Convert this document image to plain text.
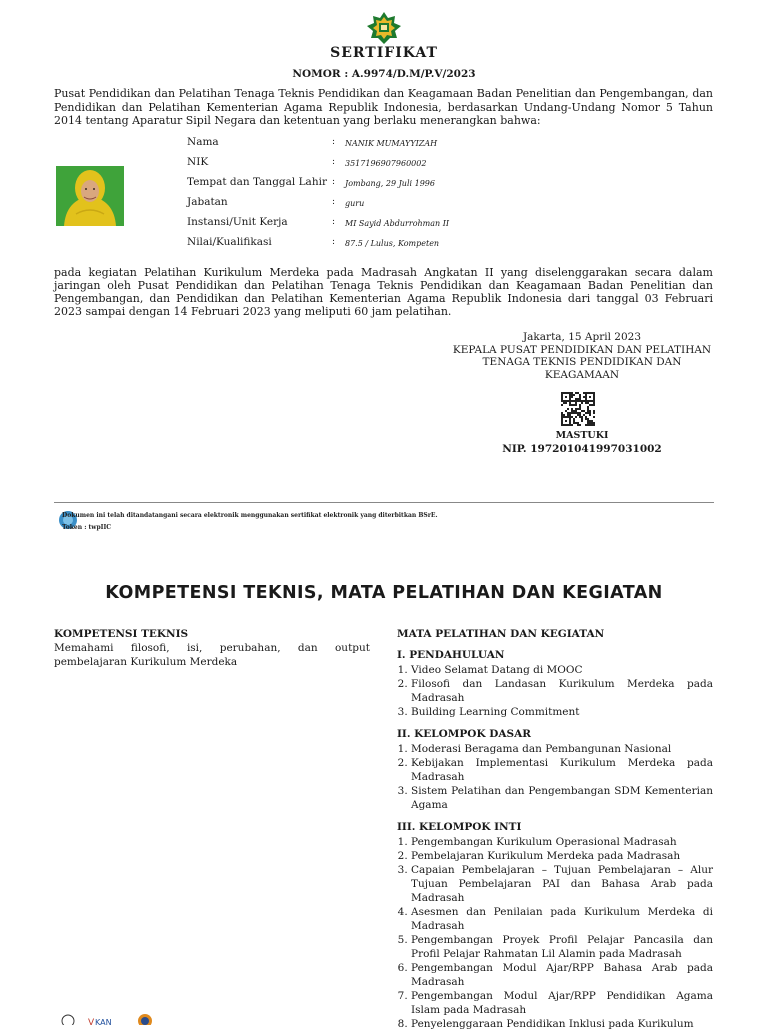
SERTIFIKAT
NOMOR : A.9974/D.M/P.V/2023
Pusat Pendidikan dan Pelatihan Tenaga Teknis Pendidikan dan Keagamaan Badan Penelitian dan Pengembangan, dan Pendidikan dan Pelatihan Kementerian Agama Republik Indonesia, berdasarkan Undang-Undang Nomor 5 Tahun 2014 tentang Aparatur Sipil Negara dan ketentuan yang berlaku menerangkan bahwa:
Nama	: NANIK MUMAYYIZAH
NIK	: 3517196907960002
Tempat dan Tanggal Lahir : Jombang, 29 Juli 1996
Jabatan	: guru
Instansi/Unit Kerja	: MI Sayid Abdurrohman II
Nilai/Kualifikasi	: 87.5 / Lulus, Kompeten
pada kegiatan Pelatihan Kurikulum Merdeka pada Madrasah Angkatan II yang diselenggarakan secara dalam jaringan oleh Pusat Pendidikan dan Pelatihan Tenaga Teknis Pendidikan dan Keagamaan Badan Penelitian dan Pengembangan, dan Pendidikan dan Pelatihan Kementerian Agama Republik Indonesia dari tanggal 03 Februari 2023 sampai dengan 14 Februari 2023 yang meliputi 60 jam pelatihan.
Jakarta, 15 April 2023
KEPALA PUSAT PENDIDIKAN DAN PELATIHAN
TENAGA TEKNIS PENDIDIKAN DAN
KEAGAMAAN
MASTUKI
NIP. 197201041997031002
Dokumen ini telah ditandatangani secara elektronik menggunakan sertifikat elektronik yang diterbitkan BSrE.
Token : twpIIC
KOMPETENSI TEKNIS, MATA PELATIHAN DAN KEGIATAN
KOMPETENSI TEKNIS
Memahami filosofi, isi, perubahan, dan output pembelajaran Kurikulum Merdeka
MATA PELATIHAN DAN KEGIATAN
I. PENDAHULUAN
1. Video Selamat Datang di MOOC
2. Filosofi dan Landasan Kurikulum Merdeka pada Madrasah
3. Building Learning Commitment
II. KELOMPOK DASAR
1. Moderasi Beragama dan Pembangunan Nasional
2. Kebijakan Implementasi Kurikulum Merdeka pada Madrasah
3. Sistem Pelatihan dan Pengembangan SDM Kementerian Agama
III. KELOMPOK INTI
1. Pengembangan Kurikulum Operasional Madrasah
2. Pembelajaran Kurikulum Merdeka pada Madrasah
3. Capaian Pembelajaran – Tujuan Pembelajaran – Alur Tujuan Pembelajaran PAI dan Bahasa Arab pada Madrasah
4. Asesmen dan Penilaian pada Kurikulum Merdeka di Madrasah
5. Pengembangan Proyek Profil Pelajar Pancasila dan Profil Pelajar Rahmatan Lil Alamin pada Madrasah
6. Pengembangan Modul Ajar/RPP Bahasa Arab pada Madrasah
7. Pengembangan Modul Ajar/RPP Pendidikan Agama Islam pada Madrasah
8. Penyelenggaraan Pendidikan Inklusi pada Kurikulum
V KAN
